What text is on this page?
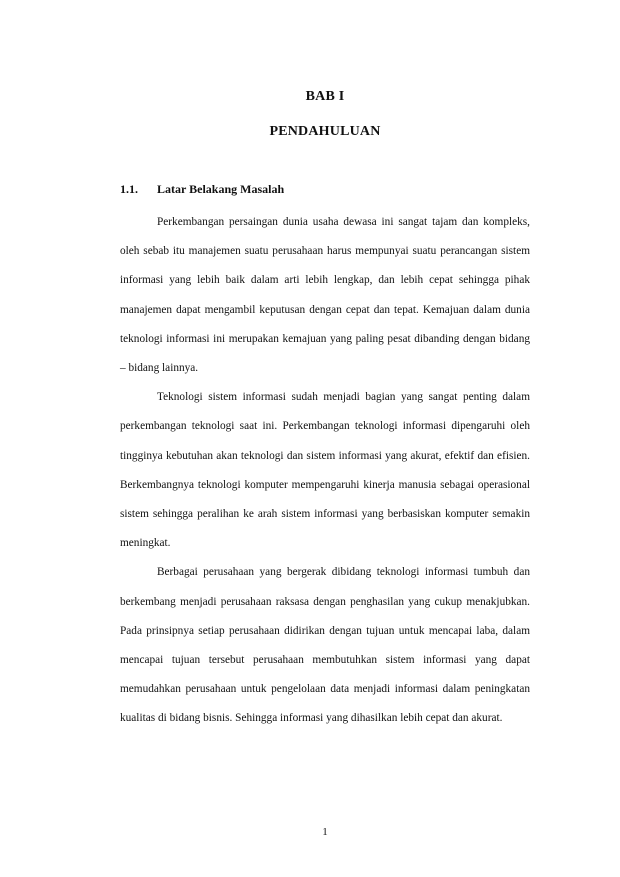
BAB I
PENDAHULUAN
1.1.	Latar Belakang Masalah

Perkembangan persaingan dunia usaha dewasa ini sangat tajam dan kompleks, oleh sebab itu manajemen suatu perusahaan harus mempunyai suatu perancangan sistem informasi yang lebih baik dalam arti lebih lengkap, dan lebih cepat sehingga pihak manajemen dapat mengambil keputusan dengan cepat dan tepat. Kemajuan dalam dunia teknologi informasi ini merupakan kemajuan yang paling pesat dibanding dengan bidang – bidang lainnya.

Teknologi sistem informasi sudah menjadi bagian yang sangat penting dalam perkembangan teknologi saat ini. Perkembangan teknologi informasi dipengaruhi oleh tingginya kebutuhan akan teknologi dan sistem informasi yang akurat, efektif dan efisien. Berkembangnya teknologi komputer mempengaruhi kinerja manusia sebagai operasional sistem sehingga peralihan ke arah sistem informasi yang berbasiskan komputer semakin meningkat.

Berbagai perusahaan yang bergerak dibidang teknologi informasi tumbuh dan berkembang menjadi perusahaan raksasa dengan penghasilan yang cukup menakjubkan. Pada prinsipnya setiap perusahaan didirikan dengan tujuan untuk mencapai laba, dalam mencapai tujuan tersebut perusahaan membutuhkan sistem informasi yang dapat memudahkan perusahaan untuk pengelolaan data menjadi informasi dalam peningkatan kualitas di bidang bisnis. Sehingga informasi yang dihasilkan lebih cepat dan akurat.

1
